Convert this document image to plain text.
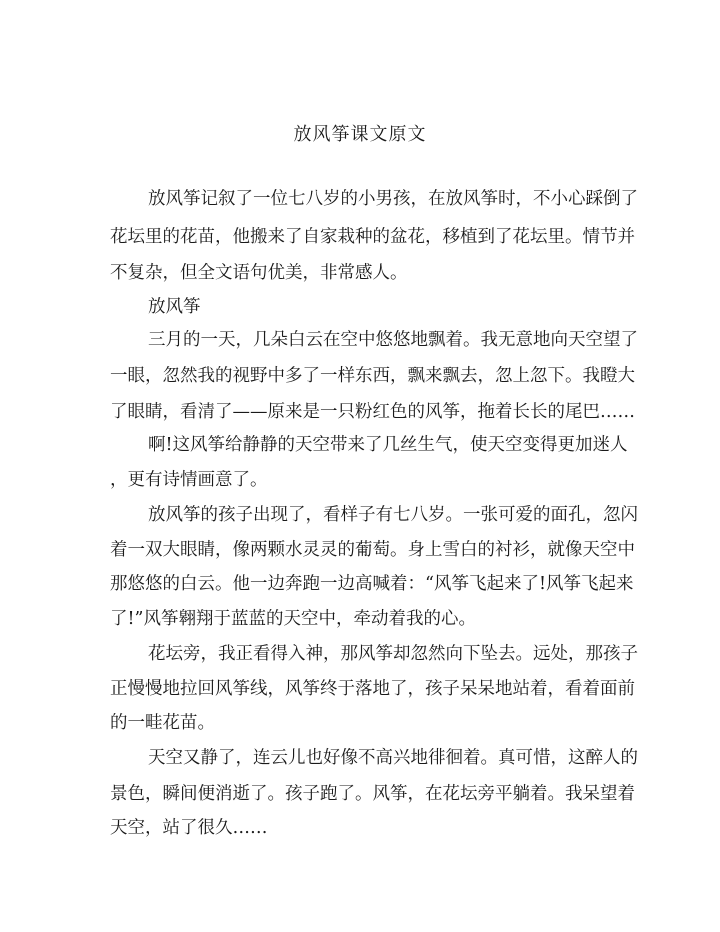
放风筝课文原文
放风筝记叙了一位七八岁的小男孩，在放风筝时，不小心踩倒了
花坛里的花苗，他搬来了自家栽种的盆花，移植到了花坛里。情节并
不复杂，但全文语句优美，非常感人。
放风筝
三月的一天，几朵白云在空中悠悠地飘着。我无意地向天空望了
一眼，忽然我的视野中多了一样东西，飘来飘去，忽上忽下。我瞪大
了眼睛，看清了——原来是一只粉红色的风筝，拖着长长的尾巴……
啊!这风筝给静静的天空带来了几丝生气，使天空变得更加迷人
，更有诗情画意了。
放风筝的孩子出现了，看样子有七八岁。一张可爱的面孔，忽闪
着一双大眼睛，像两颗水灵灵的葡萄。身上雪白的衬衫，就像天空中
那悠悠的白云。他一边奔跑一边高喊着：“风筝飞起来了!风筝飞起来
了!”风筝翱翔于蓝蓝的天空中，牵动着我的心。
花坛旁，我正看得入神，那风筝却忽然向下坠去。远处，那孩子
正慢慢地拉回风筝线，风筝终于落地了，孩子呆呆地站着，看着面前
的一畦花苗。
天空又静了，连云儿也好像不高兴地徘徊着。真可惜，这醉人的
景色，瞬间便消逝了。孩子跑了。风筝，在花坛旁平躺着。我呆望着
天空，站了很久……
